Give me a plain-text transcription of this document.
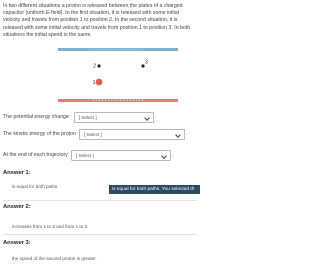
In two different situations a proton is released between the plates of a charged capacitor (uniform E-field). In the first situation, it is released with some initial velocity and travels from position 1 to position 2. In the second situation, it is released with some initial velocity and travels from position 1 to position 3. In both situations the initial speed is the same.
− − − − − − − − − − − − − − − − −
+ + + + + + + + + + + + + + + + +
1
2
3
The potential energy change [ Select ]	.
The kinetic energy of the proton [ Select ]	.
At the end of each trajectory [ Select ]	.
Answer 1:
is equal for both paths.
Answer 2:
increases from 1 to 2 and from 1 to 3.
Answer 3:
the speed of the second proton is greater.
is equal for both paths. You selected th
